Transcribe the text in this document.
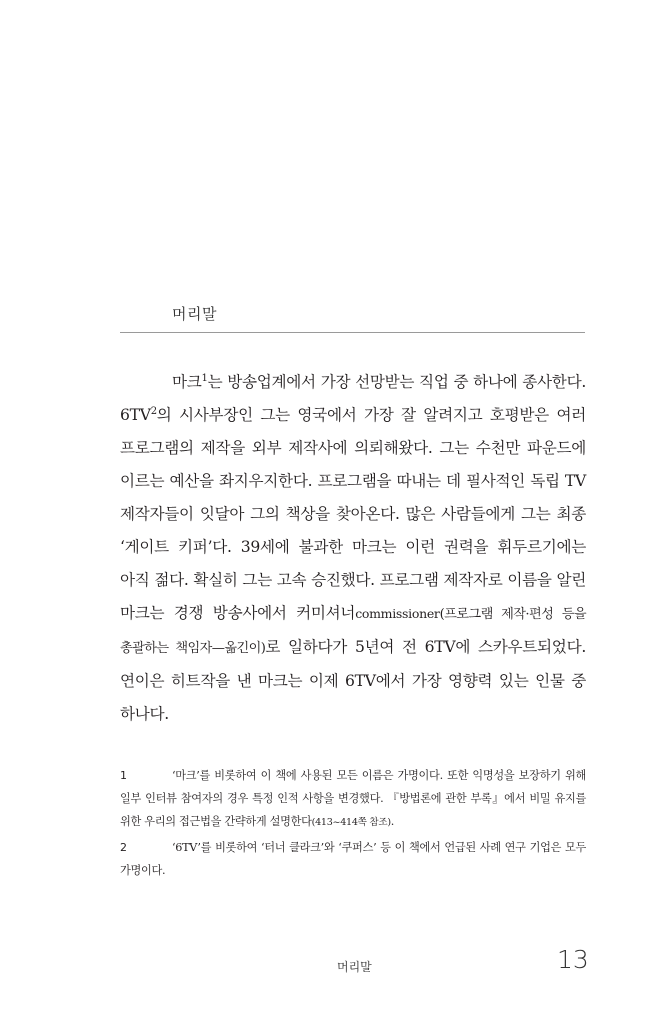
머리말

마크$^1$는 방송업계에서 가장 선망받는 직업 중 하나에 종사한다. $6TV^2$의 시사부장인 그는 영국에서 가장 잘 알려지고 호평받은 여러 프로그램의 제작을 외부 제작사에 의뢰해왔다. 그는 수천만 파운드에 이르는 예산을 좌지우지한다. 프로그램을 따내는 데 필사적인 독립 TV 제작자들이 잇달아 그의 책상을 찾아온다. 많은 사람들에게 그는 최종 ‘게이트 키퍼’다. 39세에 불과한 마크는 이런 권력을 휘두르기에는 아직 젊다. 확실히 그는 고속 승진했다. 프로그램 제작자로 이름을 알린 마크는 경쟁 방송사에서 커미셔너commissioner(프로그램 제작·편성 등을 총괄하는 책임자—옮긴이)로 일하다가 5년여 전 6TV에 스카우트되었다. 연이은 히트작을 낸 마크는 이제 6TV에서 가장 영향력 있는 인물 중 하나다.

1	‘마크’를 비롯하여 이 책에 사용된 모든 이름은 가명이다. 또한 익명성을 보장하기 위해 일부 인터뷰 참여자의 경우 특정 인적 사항을 변경했다. 『방법론에 관한 부록』에서 비밀 유지를 위한 우리의 접근법을 간략하게 설명한다(413~414쪽 참조).
2	‘6TV’를 비롯하여 ‘터너 클라크’와 ‘쿠퍼스’ 등 이 책에서 언급된 사례 연구 기업은 모두 가명이다.
머리말	13
